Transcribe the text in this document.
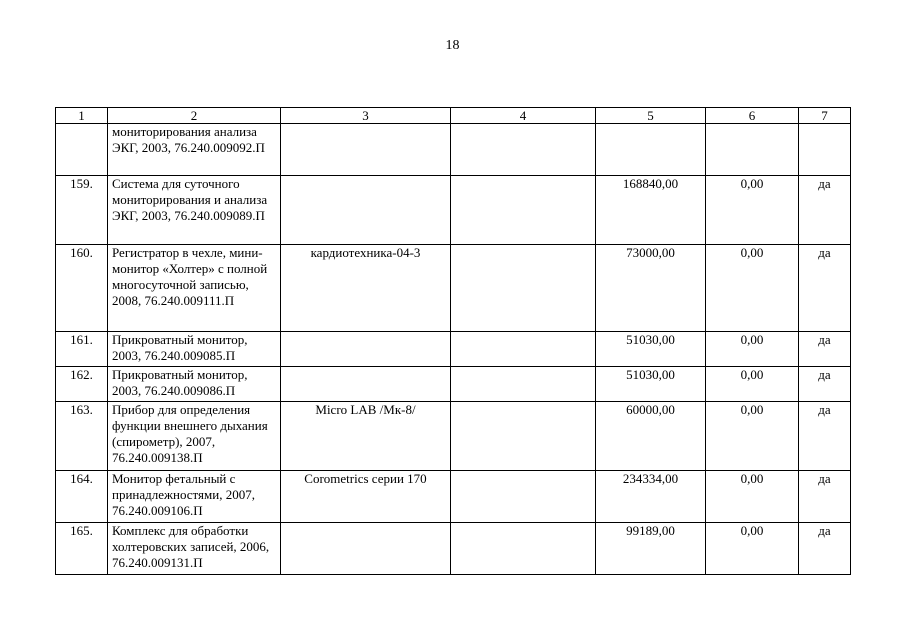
18
1	2	3	4	5	6	7
	мониторирования анализа ЭКГ, 2003, 76.240.009092.П					
159.	Система для суточного мониторирования и анализа ЭКГ, 2003, 76.240.009089.П			168840,00	0,00	да
160.	Регистратор в чехле, мини-монитор «Холтер» с полной многосуточной записью, 2008, 76.240.009111.П	кардиотехника-04-3		73000,00	0,00	да
161.	Прикроватный монитор, 2003, 76.240.009085.П			51030,00	0,00	да
162.	Прикроватный монитор, 2003, 76.240.009086.П			51030,00	0,00	да
163.	Прибор для определения функции внешнего дыхания (спирометр), 2007, 76.240.009138.П	Micro LAB /Мк-8/		60000,00	0,00	да
164.	Монитор фетальный с принадлежностями, 2007, 76.240.009106.П	Corometrics серии 170		234334,00	0,00	да
165.	Комплекс для обработки холтеровских записей, 2006, 76.240.009131.П			99189,00	0,00	да
